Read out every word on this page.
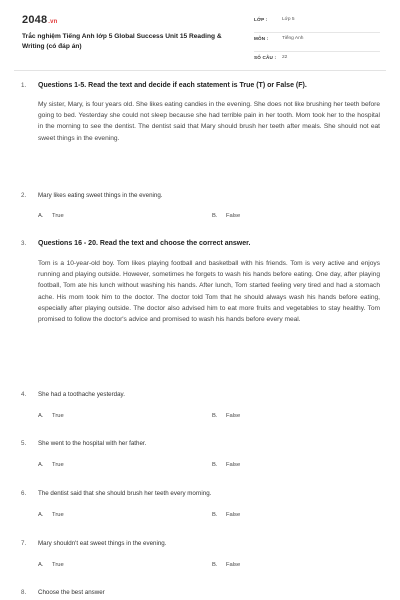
2048.vn
Trắc nghiệm Tiếng Anh lớp 5 Global Success Unit 15 Reading & Writing (có đáp án)
LỚP :	Lớp 5
MÔN :	Tiếng Anh
SỐ CÂU : 22
1. Questions 1-5. Read the text and decide if each statement is True (T) or False (F).
My sister, Mary, is four years old. She likes eating candies in the evening. She does not like brushing her teeth before going to bed. Yesterday she could not sleep because she had terrible pain in her tooth. Mom took her to the hospital in the morning to see the dentist. The dentist said that Mary should brush her teeth after meals. She should not eat sweet things in the evening.
2. Mary likes eating sweet things in the evening.
A. True	B. False
3. Questions 16 - 20. Read the text and choose the correct answer.
Tom is a 10-year-old boy. Tom likes playing football and basketball with his friends. Tom is very active and enjoys running and playing outside. However, sometimes he forgets to wash his hands before eating. One day, after playing football, Tom ate his lunch without washing his hands. After lunch, Tom started feeling very tired and had a stomach ache. His mom took him to the doctor. The doctor told Tom that he should always wash his hands before eating, especially after playing outside. The doctor also advised him to eat more fruits and vegetables to stay healthy. Tom promised to follow the doctor's advice and promised to wash his hands before every meal.
4. She had a toothache yesterday.
A. True	B. False
5. She went to the hospital with her father.
A. True	B. False
6. The dentist said that she should brush her teeth every morning.
A. True	B. False
7. Mary shouldn't eat sweet things in the evening.
A. True	B. False
8. Choose the best answer
